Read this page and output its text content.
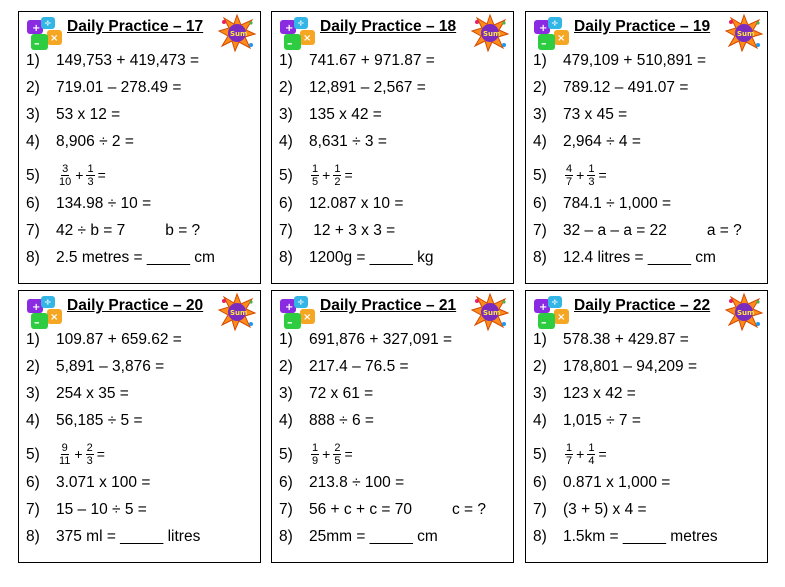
+ ÷
×
–
Daily Practice – 17	Sum
1) 149,753 + 419,473 =
2) 719.01 – 278.49 =
3) 53 x 12 =
4) 8,906 ÷ 2 =
$5) \frac{3}{10} + \frac{1}{3}$ =
6) 134.98 ÷ 10 =
7) 42 ÷ b = 7	b = ?
8) 2.5 metres = _____ cm
+ ÷
×
–
Daily Practice – 18	Sum
1) 741.67 + 971.87 =
2) 12,891 – 2,567 =
3) 135 x 42 =
4) 8,631 ÷ 3 =
$5) \frac{1}{5} + \frac{1}{2}$ =
6) 12.087 x 10 =
7) 12 + 3 x 3 =
8) 1200g = _____ kg
+ ÷
×
–
Daily Practice – 19	Sum
1) 479,109 + 510,891 =
2) 789.12 – 491.07 =
3) 73 x 45 =
4) 2,964 ÷ 4 =
$5) \frac{4}{7} + \frac{1}{3}$ =
6) 784.1 ÷ 1,000 =
7) 32 – a – a = 22	a = ?
8) 12.4 litres = _____ cm
+ ÷
×
–
Daily Practice – 20	Sum
1) 109.87 + 659.62 =
2) 5,891 – 3,876 =
3) 254 x 35 =
4) 56,185 ÷ 5 =
$5) \frac{9}{11} + \frac{2}{3}$ =
6) 3.071 x 100 =
7) 15 – 10 ÷ 5 =
8) 375 ml = _____ litres
+ ÷
×
–
Daily Practice – 21	Sum
1) 691,876 + 327,091 =
2) 217.4 – 76.5 =
3) 72 x 61 =
4) 888 ÷ 6 =
$5) \frac{1}{9} + \frac{2}{5}$ =
6) 213.8 ÷ 100 =
7) 56 + c + c = 70	c = ?
8) 25mm = _____ cm
+ ÷
×
–
Daily Practice – 22	Sum
1) 578.38 + 429.87 =
2) 178,801 – 94,209 =
3) 123 x 42 =
4) 1,015 ÷ 7 =
$5) \frac{1}{7} + \frac{1}{4}$ =
6) 0.871 x 1,000 =
7) (3 + 5) x 4 =
8) 1.5km = _____ metres
